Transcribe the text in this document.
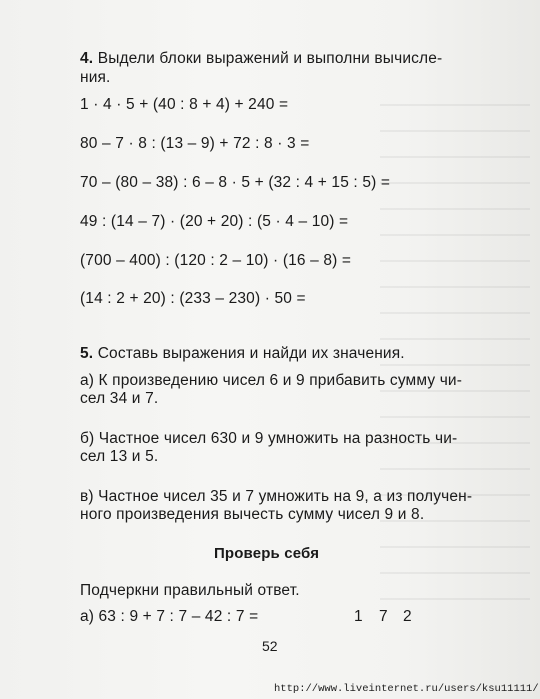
4. Выдели блоки выражений и выполни вычисле-
ния.
1 · 4 · 5 + (40 : 8 + 4) + 240 =
80 – 7 · 8 : (13 – 9) + 72 : 8 · 3 =
70 – (80 – 38) : 6 – 8 · 5 + (32 : 4 + 15 : 5) =
49 : (14 – 7) · (20 + 20) : (5 · 4 – 10) =
(700 – 400) : (120 : 2 – 10) · (16 – 8) =
(14 : 2 + 20) : (233 – 230) · 50 =
5. Составь выражения и найди их значения.
а) К произведению чисел 6 и 9 прибавить сумму чи-
сел 34 и 7.
б) Частное чисел 630 и 9 умножить на разность чи-
сел 13 и 5.
в) Частное чисел 35 и 7 умножить на 9, а из получен-
ного произведения вычесть сумму чисел 9 и 8.
Проверь себя
Подчеркни правильный ответ.
а) 63 : 9 + 7 : 7 – 42 : 7 =	1 7 2
52
http://www.liveinternet.ru/users/ksu11111/
